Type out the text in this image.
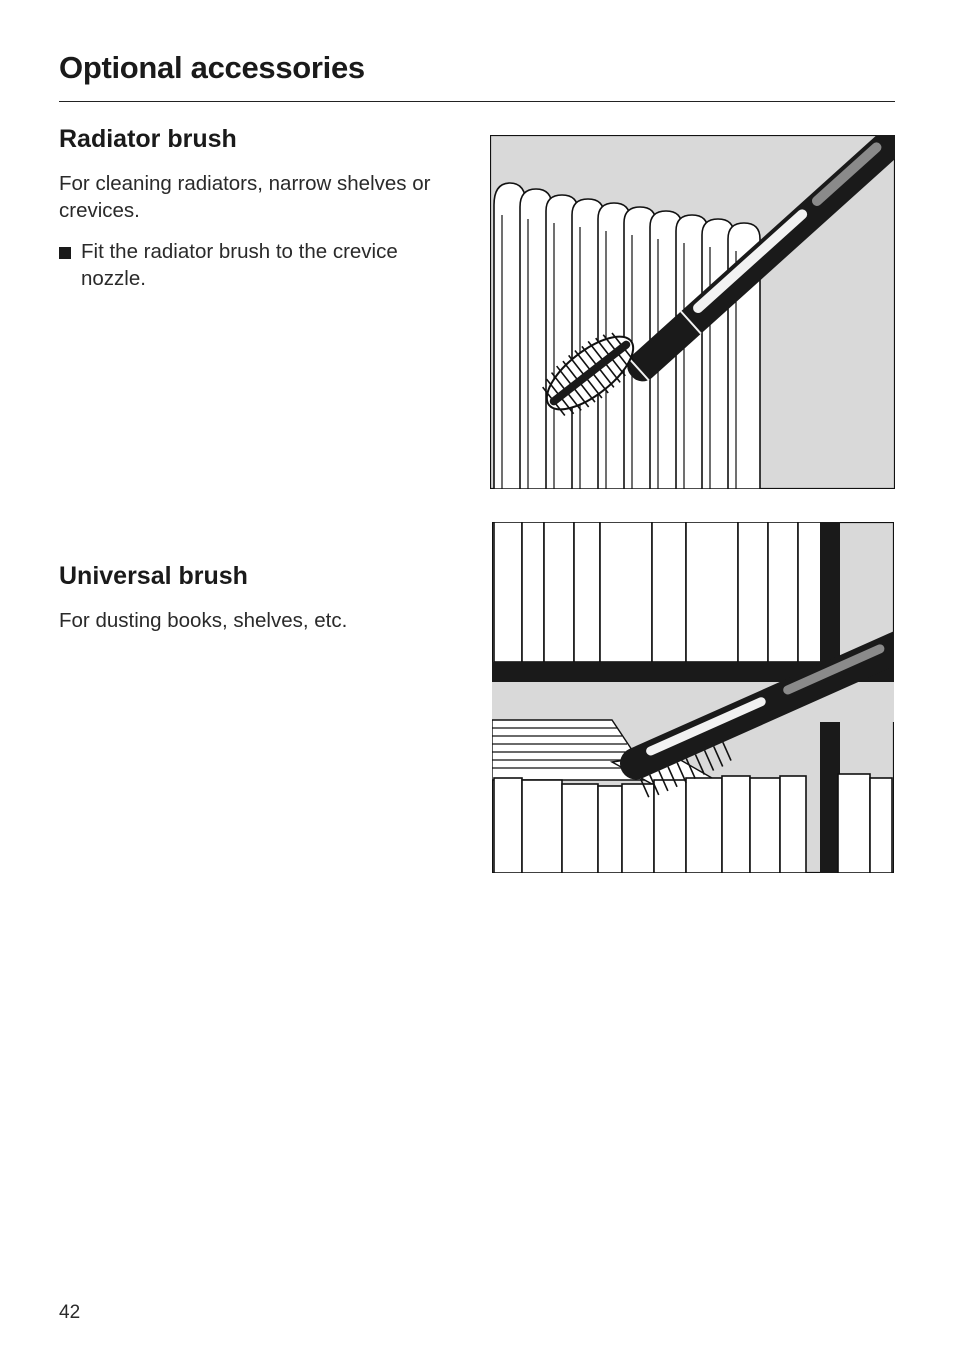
Optional accessories
Radiator brush

For cleaning radiators, narrow shelves or crevices.

Fit the radiator brush to the crevice nozzle.
Universal brush

For dusting books, shelves, etc.

42
